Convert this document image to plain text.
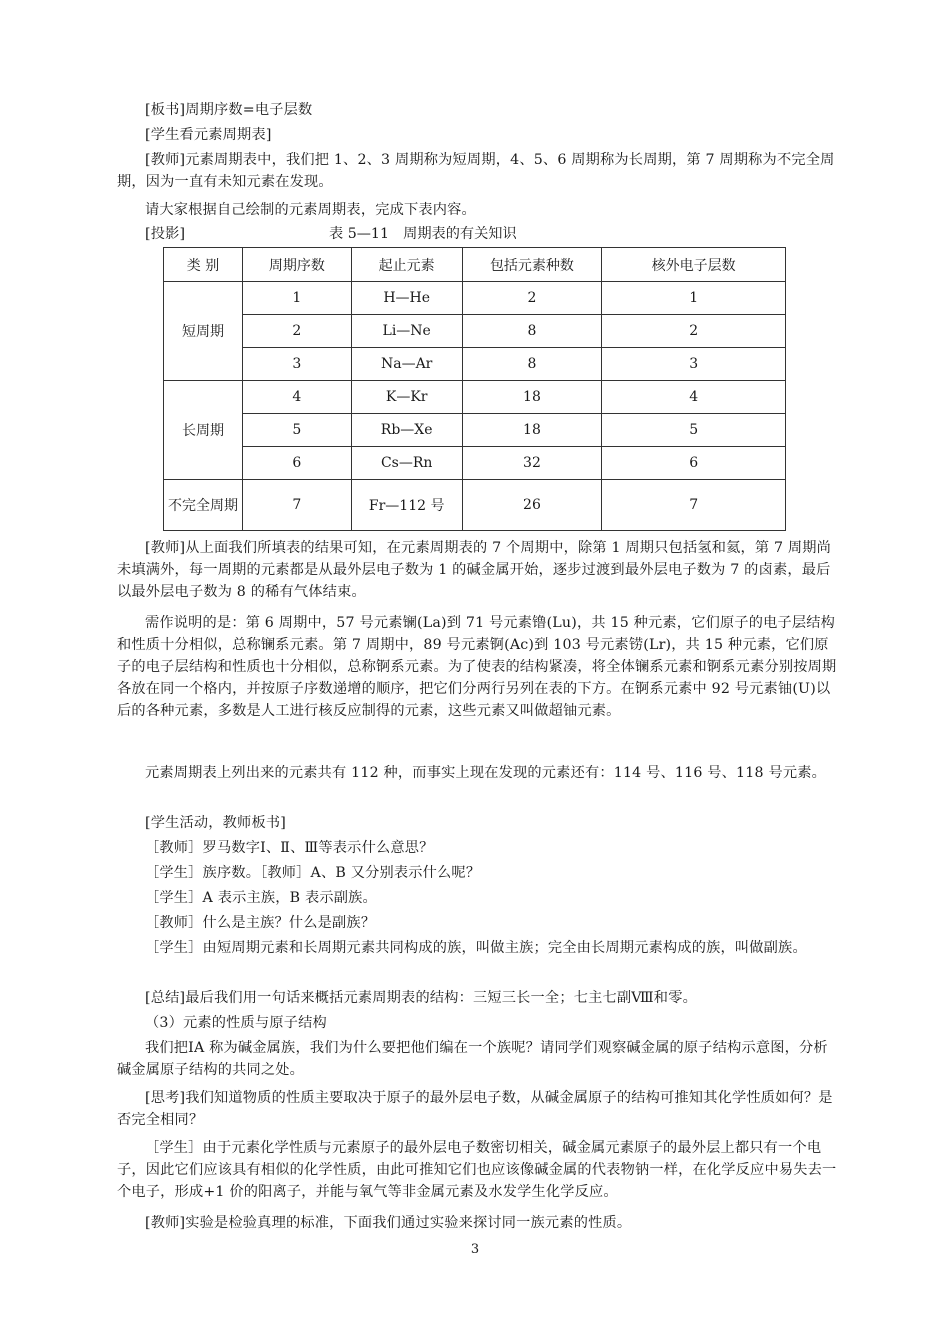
[板书]周期序数=电子层数
[学生看元素周期表]
[教师]元素周期表中，我们把 1、2、3 周期称为短周期，4、5、6 周期称为长周期，第 7 周期称为不完全周期，因为一直有未知元素在发现。
请大家根据自己绘制的元素周期表，完成下表内容。
[投影]	表 5—11　周期表的有关知识
类 别	周期序数	起止元素	包括元素种数	核外电子层数
短周期	1	H—He	2	1
	2	Li—Ne	8	2
	3	Na—Ar	8	3
长周期	4	K—Kr	18	4
	5	Rb—Xe	18	5
	6	Cs—Rn	32	6
不完全周期	7	Fr—112 号	26	7
[教师]从上面我们所填表的结果可知，在元素周期表的 7 个周期中，除第 1 周期只包括氢和氦，第 7 周期尚未填满外，每一周期的元素都是从最外层电子数为 1 的碱金属开始，逐步过渡到最外层电子数为 7 的卤素，最后以最外层电子数为 8 的稀有气体结束。
需作说明的是：第 6 周期中，57 号元素镧(La)到 71 号元素镥(Lu)，共 15 种元素，它们原子的电子层结构和性质十分相似，总称镧系元素。第 7 周期中，89 号元素锕(Ac)到 103 号元素铹(Lr)，共 15 种元素，它们原子的电子层结构和性质也十分相似，总称锕系元素。为了使表的结构紧凑，将全体镧系元素和锕系元素分别按周期各放在同一个格内，并按原子序数递增的顺序，把它们分两行另列在表的下方。在锕系元素中 92 号元素铀(U)以后的各种元素，多数是人工进行核反应制得的元素，这些元素又叫做超铀元素。
元素周期表上列出来的元素共有 112 种，而事实上现在发现的元素还有：114 号、116 号、118 号元素。
[学生活动，教师板书]
［教师］罗马数字Ⅰ、Ⅱ、Ⅲ等表示什么意思？
［学生］族序数。［教师］A、B 又分别表示什么呢？
［学生］A 表示主族，B 表示副族。
［教师］什么是主族？什么是副族？
［学生］由短周期元素和长周期元素共同构成的族，叫做主族；完全由长周期元素构成的族，叫做副族。
[总结]最后我们用一句话来概括元素周期表的结构：三短三长一全；七主七副Ⅷ和零。
（3）元素的性质与原子结构
我们把ⅠA 称为碱金属族，我们为什么要把他们编在一个族呢？请同学们观察碱金属的原子结构示意图，分析碱金属原子结构的共同之处。
[思考]我们知道物质的性质主要取决于原子的最外层电子数，从碱金属原子的结构可推知其化学性质如何？是否完全相同？
［学生］由于元素化学性质与元素原子的最外层电子数密切相关，碱金属元素原子的最外层上都只有一个电子，因此它们应该具有相似的化学性质，由此可推知它们也应该像碱金属的代表物钠一样，在化学反应中易失去一个电子，形成+1 价的阳离子，并能与氧气等非金属元素及水发学生化学反应。
[教师]实验是检验真理的标准，下面我们通过实验来探讨同一族元素的性质。
3
